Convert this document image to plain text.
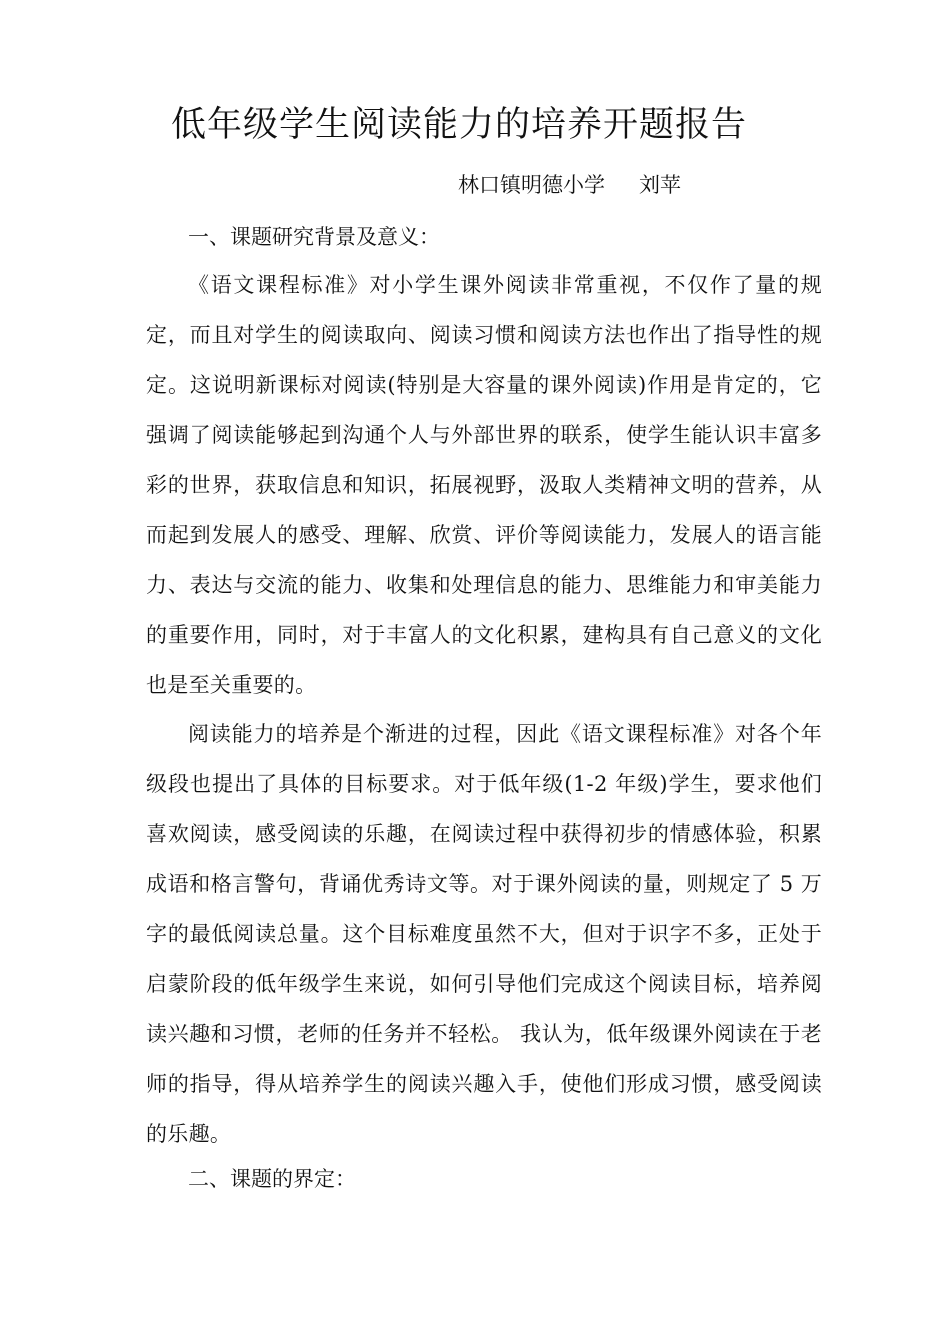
低年级学生阅读能力的培养开题报告
林口镇明德小学 刘苹
一、课题研究背景及意义：

《语文课程标准》对小学生课外阅读非常重视，不仅作了量的规定，而且对学生的阅读取向、阅读习惯和阅读方法也作出了指导性的规定。这说明新课标对阅读(特别是大容量的课外阅读)作用是肯定的，它强调了阅读能够起到沟通个人与外部世界的联系，使学生能认识丰富多彩的世界，获取信息和知识，拓展视野，汲取人类精神文明的营养，从而起到发展人的感受、理解、欣赏、评价等阅读能力，发展人的语言能力、表达与交流的能力、收集和处理信息的能力、思维能力和审美能力的重要作用，同时，对于丰富人的文化积累，建构具有自己意义的文化也是至关重要的。

阅读能力的培养是个渐进的过程，因此《语文课程标准》对各个年级段也提出了具体的目标要求。对于低年级(1-2 年级)学生，要求他们喜欢阅读，感受阅读的乐趣，在阅读过程中获得初步的情感体验，积累成语和格言警句，背诵优秀诗文等。对于课外阅读的量，则规定了 5 万字的最低阅读总量。这个目标难度虽然不大，但对于识字不多，正处于启蒙阶段的低年级学生来说，如何引导他们完成这个阅读目标，培养阅读兴趣和习惯，老师的任务并不轻松。 我认为，低年级课外阅读在于老师的指导，得从培养学生的阅读兴趣入手，使他们形成习惯，感受阅读的乐趣。

二、课题的界定：
